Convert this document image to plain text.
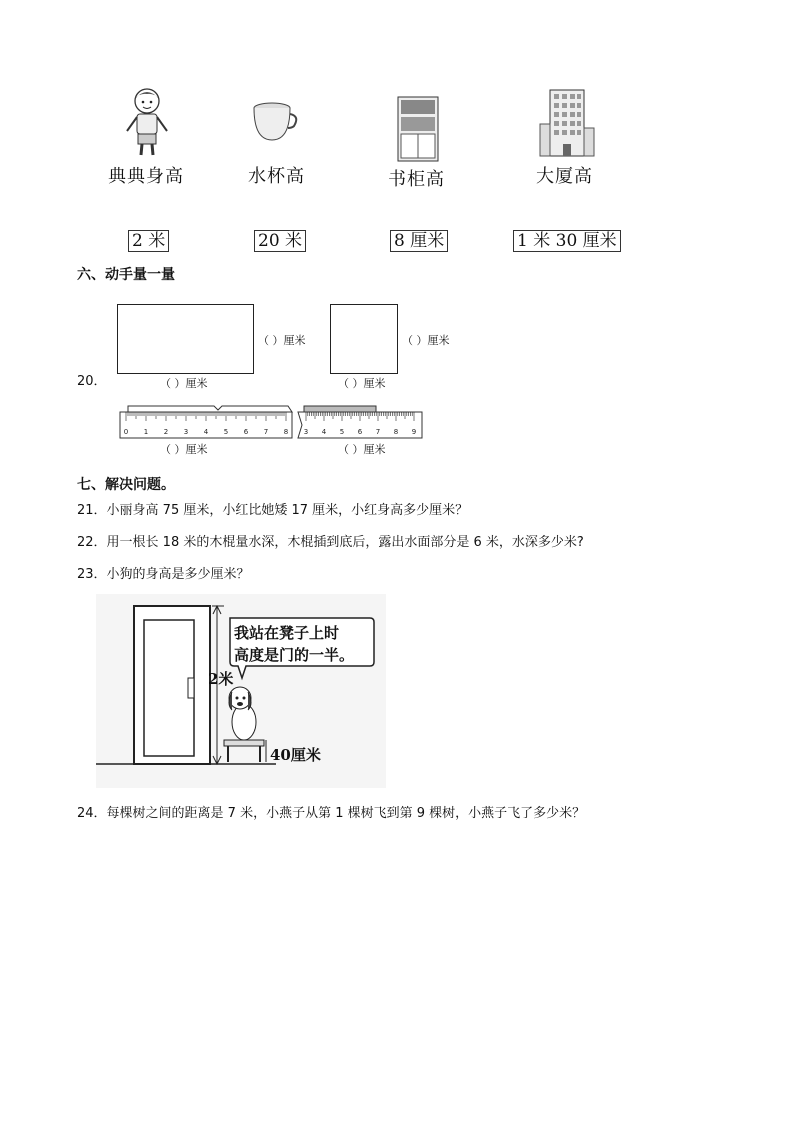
典典身高	水杯高	书柜高	大厦高
2 米	20 米	8 厘米	1 米 30 厘米
六、动手量一量
（ ）厘米
（ ）厘米
（ ）厘米
（ ）厘米
20．
0 1 2 3 4 5 6 7 8
（ ）厘米
3 4 5 6 7 8 9
（ ）厘米
七、解决问题。
21．小丽身高 75 厘米，小红比她矮 17 厘米，小红身高多少厘米？
22．用一根长 18 米的木棍量水深，木棍插到底后，露出水面部分是 6 米，水深多少米?
23．小狗的身高是多少厘米？
我站在凳子上时
高度是门的一半。
2米
40厘米
24．每棵树之间的距离是 7 米，小燕子从第 1 棵树飞到第 9 棵树，小燕子飞了多少米？
